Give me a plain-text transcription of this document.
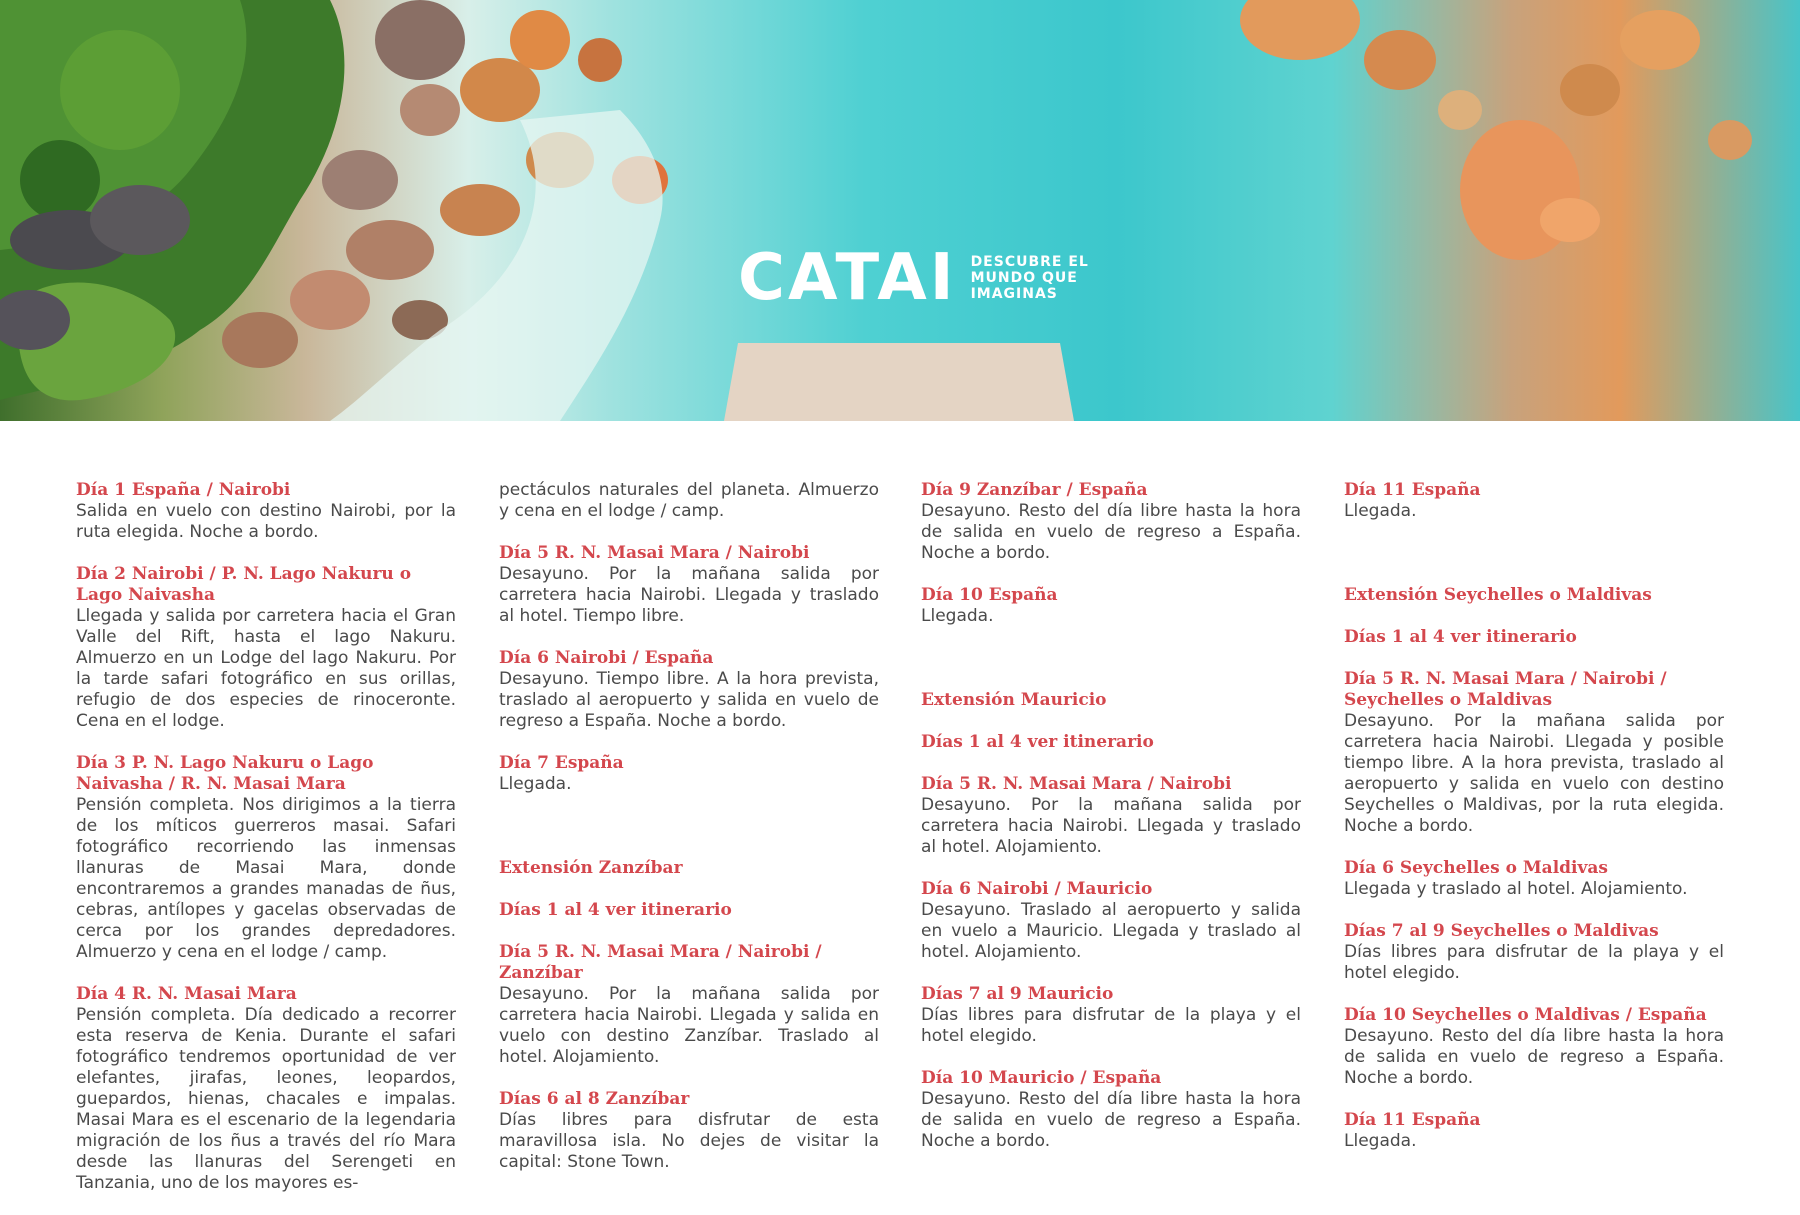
CATAI DESCUBRE EL
MUNDO QUE
IMAGINAS

Día 1 España / Nairobi

Salida en vuelo con destino Nairobi, por la ruta elegida. Noche a bordo.

Día 2 Nairobi / P. N. Lago Nakuru o Lago Naivasha

Llegada y salida por carretera hacia el Gran Valle del Rift, hasta el lago Nakuru. Almuerzo en un Lodge del lago Nakuru. Por la tarde safari fotográfico en sus orillas, refugio de dos especies de rinoceronte. Cena en el lodge.

Día 3 P. N. Lago Nakuru o Lago Naivasha / R. N. Masai Mara

Pensión completa. Nos dirigimos a la tierra de los míticos guerreros masai. Safari fotográfico recorriendo las inmensas llanuras de Masai Mara, donde encontraremos a grandes manadas de ñus, cebras, antílopes y gacelas observadas de cerca por los grandes depredadores. Almuerzo y cena en el lodge / camp.

Día 4 R. N. Masai Mara

Pensión completa. Día dedicado a recorrer esta reserva de Kenia. Durante el safari fotográfico tendremos oportunidad de ver elefantes, jirafas, leones, leopardos, guepardos, hienas, chacales e impalas. Masai Mara es el escenario de la legendaria migración de los ñus a través del río Mara desde las llanuras del Serengeti en Tanzania, uno de los mayores es-

pectáculos naturales del planeta. Almuerzo y cena en el lodge / camp.

Día 5 R. N. Masai Mara / Nairobi

Desayuno. Por la mañana salida por carretera hacia Nairobi. Llegada y traslado al hotel. Tiempo libre.

Día 6 Nairobi / España

Desayuno. Tiempo libre. A la hora prevista, traslado al aeropuerto y salida en vuelo de regreso a España. Noche a bordo.

Día 7 España

Llegada.

Extensión Zanzíbar

Días 1 al 4 ver itinerario

Día 5 R. N. Masai Mara / Nairobi / Zanzíbar

Desayuno. Por la mañana salida por carretera hacia Nairobi. Llegada y salida en vuelo con destino Zanzíbar. Traslado al hotel. Alojamiento.

Días 6 al 8 Zanzíbar

Días libres para disfrutar de esta maravillosa isla. No dejes de visitar la capital: Stone Town.

Día 9 Zanzíbar / España

Desayuno. Resto del día libre hasta la hora de salida en vuelo de regreso a España. Noche a bordo.

Día 10 España

Llegada.

Extensión Mauricio

Días 1 al 4 ver itinerario

Día 5 R. N. Masai Mara / Nairobi

Desayuno. Por la mañana salida por carretera hacia Nairobi. Llegada y traslado al hotel. Alojamiento.

Día 6 Nairobi / Mauricio

Desayuno. Traslado al aeropuerto y salida en vuelo a Mauricio. Llegada y traslado al hotel. Alojamiento.

Días 7 al 9 Mauricio

Días libres para disfrutar de la playa y el hotel elegido.

Día 10 Mauricio / España

Desayuno. Resto del día libre hasta la hora de salida en vuelo de regreso a España. Noche a bordo.

Día 11 España

Llegada.

Extensión Seychelles o Maldivas

Días 1 al 4 ver itinerario

Día 5 R. N. Masai Mara / Nairobi / Seychelles o Maldivas

Desayuno. Por la mañana salida por carretera hacia Nairobi. Llegada y posible tiempo libre. A la hora prevista, traslado al aeropuerto y salida en vuelo con destino Seychelles o Maldivas, por la ruta elegida. Noche a bordo.

Día 6 Seychelles o Maldivas

Llegada y traslado al hotel. Alojamiento.

Días 7 al 9 Seychelles o Maldivas

Días libres para disfrutar de la playa y el hotel elegido.

Día 10 Seychelles o Maldivas / España

Desayuno. Resto del día libre hasta la hora de salida en vuelo de regreso a España. Noche a bordo.

Día 11 España

Llegada.
